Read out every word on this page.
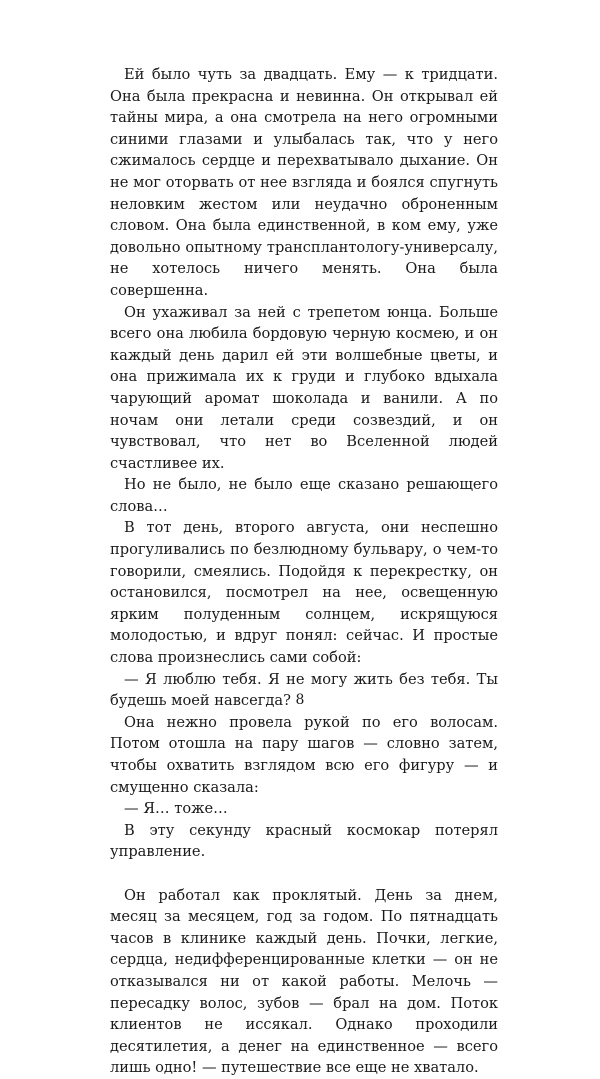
Ей было чуть за двадцать. Ему — к тридцати. Она была прекрасна и невинна. Он открывал ей тайны мира, а она смотрела на него огромными синими глазами и улыбалась так, что у него сжималось сердце и перехватывало дыхание. Он не мог оторвать от нее взгляда и боялся спугнуть неловким жестом или неудачно оброненным словом. Она была единственной, в ком ему, уже довольно опытному трансплантологу-универсалу, не хотелось ничего менять. Она была совершенна.

Он ухаживал за ней с трепетом юнца. Больше всего она любила бордовую черную космею, и он каждый день дарил ей эти волшебные цветы, и она прижимала их к груди и глубоко вдыхала чарующий аромат шоколада и ванили. А по ночам они летали среди созвездий, и он чувствовал, что нет во Вселенной людей счастливее их.

Но не было, не было еще сказано решающего слова…

В тот день, второго августа, они неспешно прогуливались по безлюдному бульвару, о чем-то говорили, смеялись. Подойдя к перекрестку, он остановился, посмотрел на нее, освещенную ярким полуденным солнцем, искрящуюся молодостью, и вдруг понял: сейчас. И простые слова произнеслись сами собой:

— Я люблю тебя. Я не могу жить без тебя. Ты будешь моей навсегда?

Она нежно провела рукой по его волосам. Потом отошла на пару шагов — словно затем, чтобы охватить взглядом всю его фигуру — и смущенно сказала:

— Я… тоже…

В эту секунду красный космокар потерял управление.

Он работал как проклятый. День за днем, месяц за месяцем, год за годом. По пятнадцать часов в клинике каждый день. Почки, легкие, сердца, недифференцированные клетки — он не отказывался ни от какой работы. Мелочь — пересадку волос, зубов — брал на дом. Поток клиентов не иссякал. Однако проходили десятилетия, а денег на единственное — всего лишь одно! — путешествие все еще не хватало.

8
